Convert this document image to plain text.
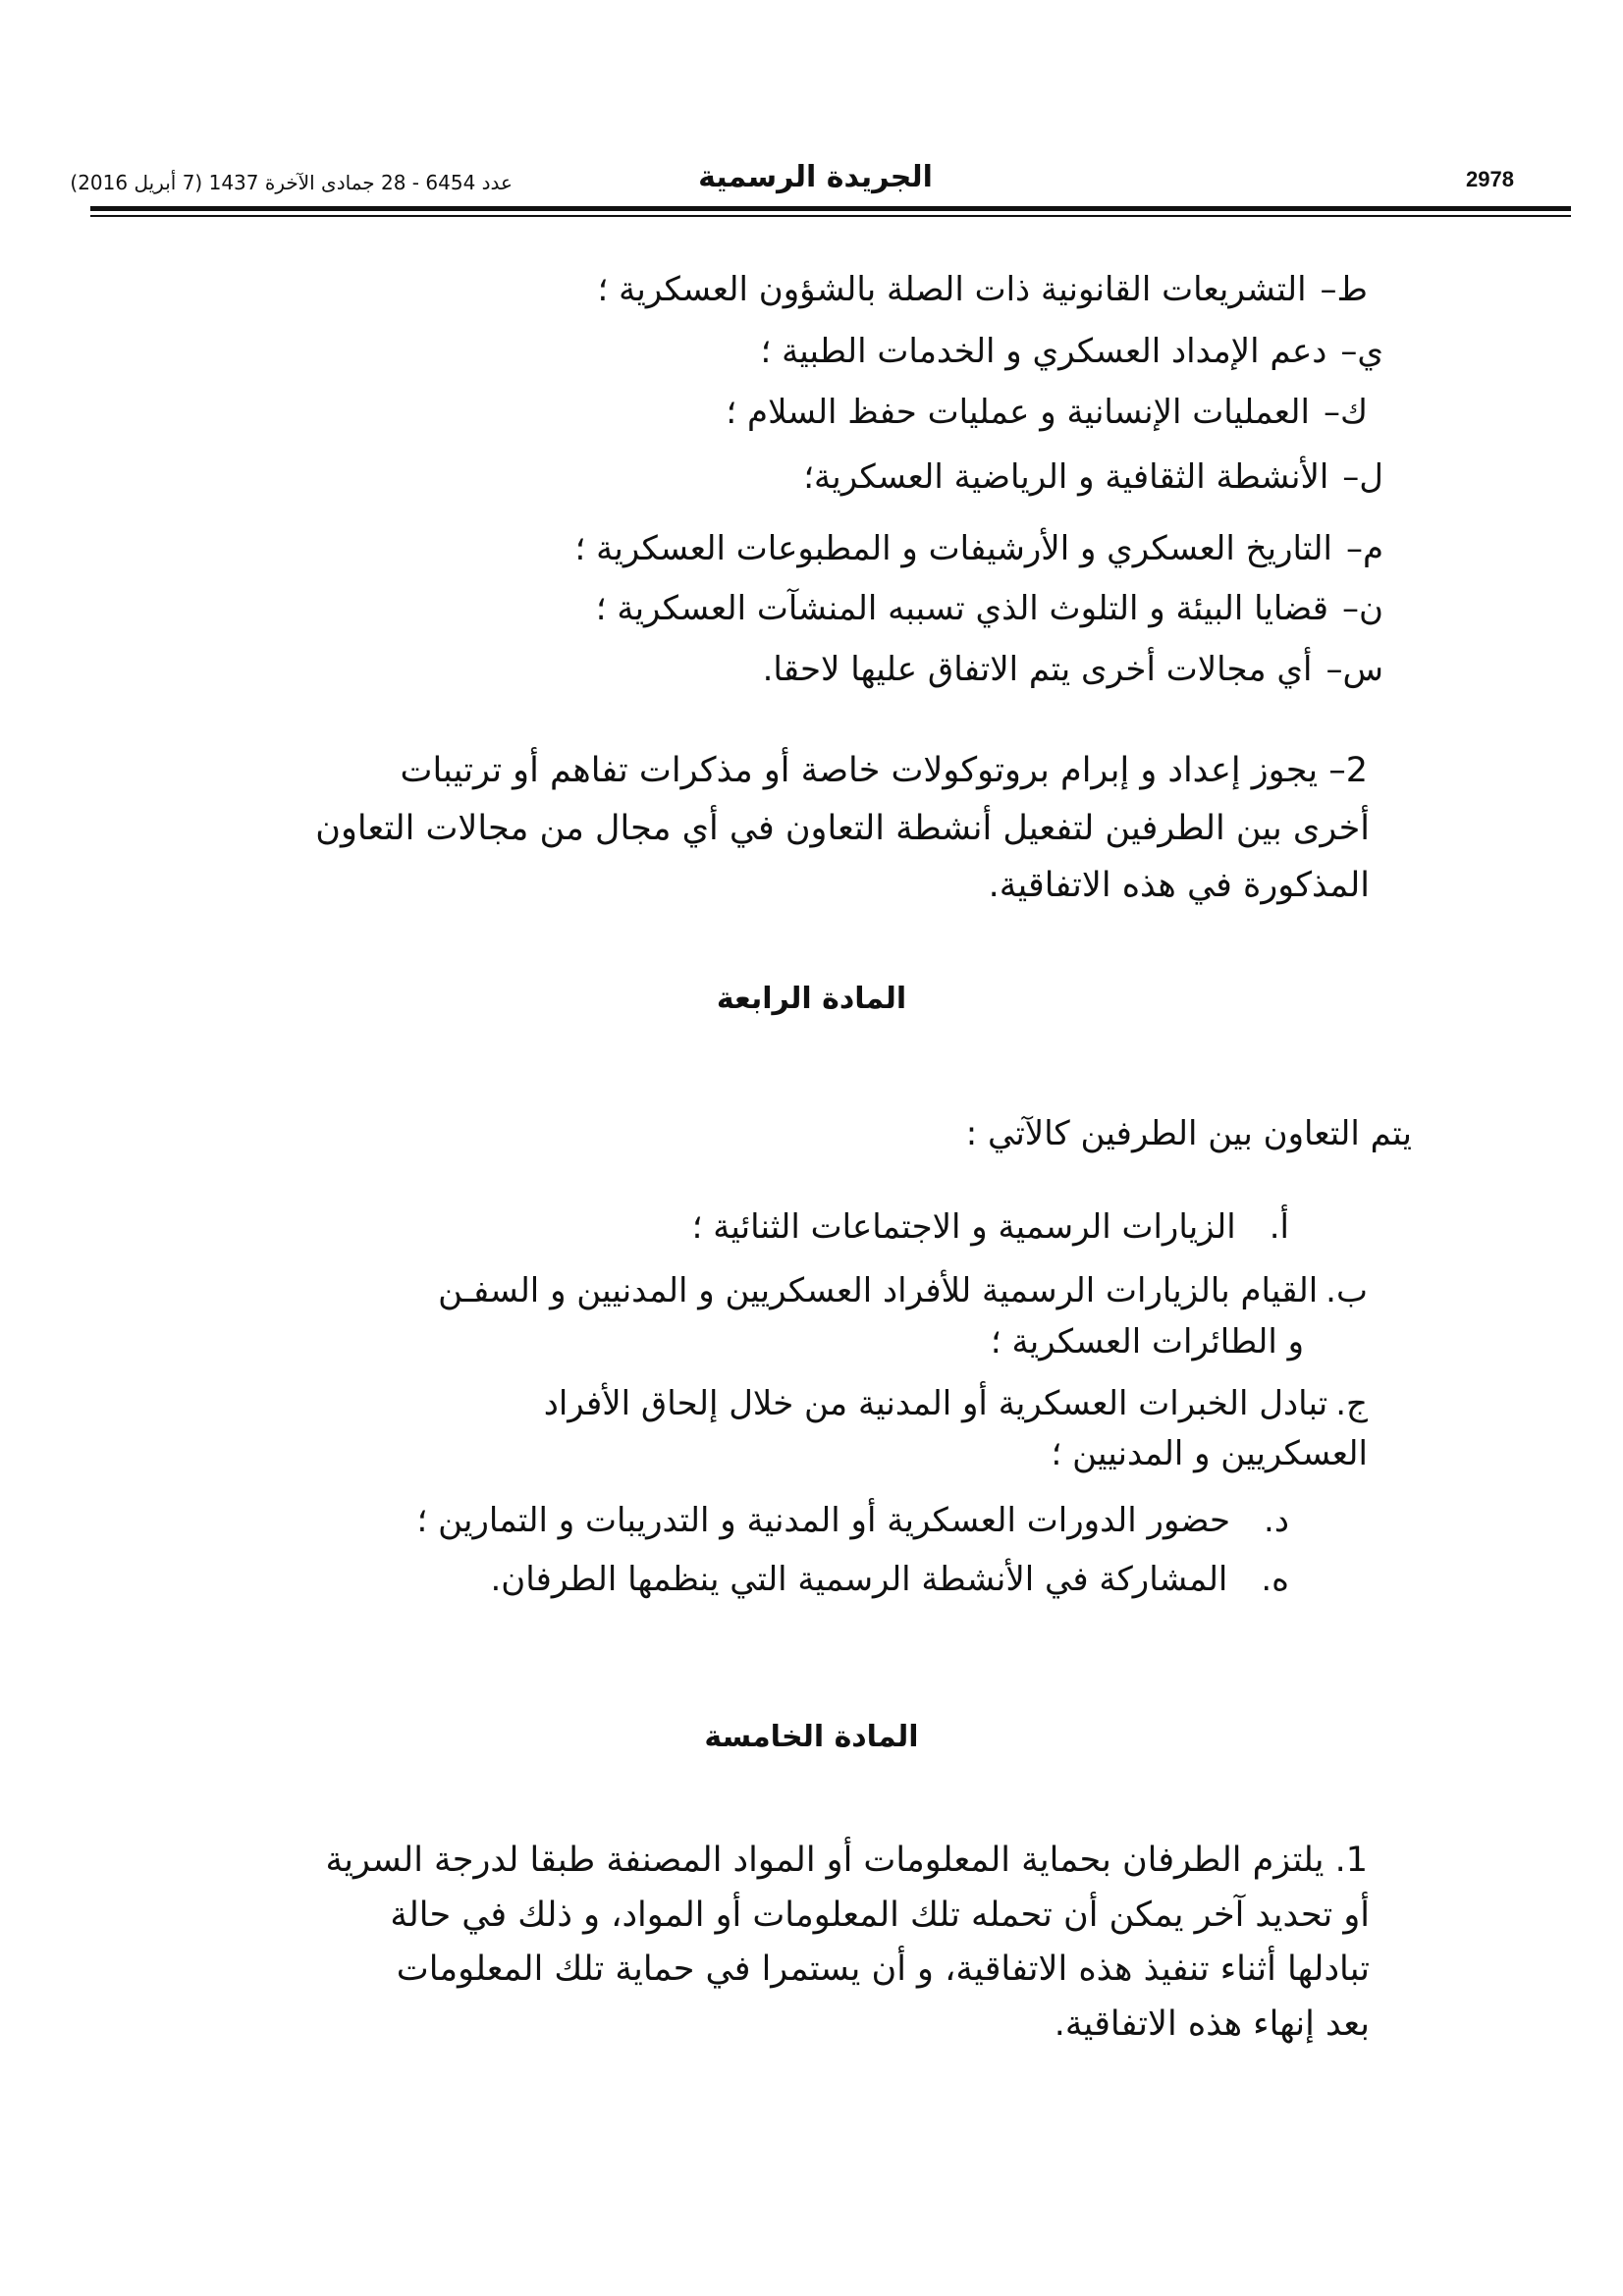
2978
الجريدة الرسمية
عدد 6454 - 28 جمادى الآخرة 1437 (7 أبريل 2016)
ط–التشريعات القانونية ذات الصلة بالشؤون العسكرية ؛
ي–دعم الإمداد العسكري و الخدمات الطبية ؛
ك–العمليات الإنسانية و عمليات حفظ السلام ؛
ل–الأنشطة الثقافية و الرياضية العسكرية؛
م–التاريخ العسكري و الأرشيفات و المطبوعات العسكرية ؛
ن–قضايا البيئة و التلوث الذي تسببه المنشآت العسكرية ؛
س–أي مجالات أخرى يتم الاتفاق عليها لاحقا.
2– يجوز إعداد و إبرام بروتوكولات خاصة أو مذكرات تفاهم أو ترتيبات
أخرى بين الطرفين لتفعيل أنشطة التعاون في أي مجال من مجالات التعاون
المذكورة في هذه الاتفاقية.
المادة الرابعة
يتم التعاون بين الطرفين كالآتي :
أ.الزيارات الرسمية و الاجتماعات الثنائية ؛
ب.القيام بالزيارات الرسمية للأفراد العسكريين و المدنيين و السفـن
و الطائرات العسكرية ؛
ج.تبادل الخبرات العسكرية أو المدنية من خلال إلحاق الأفراد
العسكريين و المدنيين ؛
د.حضور الدورات العسكرية أو المدنية و التدريبات و التمارين ؛
ه.المشاركة في الأنشطة الرسمية التي ينظمها الطرفان.
المادة الخامسة
1. يلتزم الطرفان بحماية المعلومات أو المواد المصنفة طبقا لدرجة السرية
أو تحديد آخر يمكن أن تحمله تلك المعلومات أو المواد، و ذلك في حالة
تبادلها أثناء تنفيذ هذه الاتفاقية، و أن يستمرا في حماية تلك المعلومات
بعد إنهاء هذه الاتفاقية.
